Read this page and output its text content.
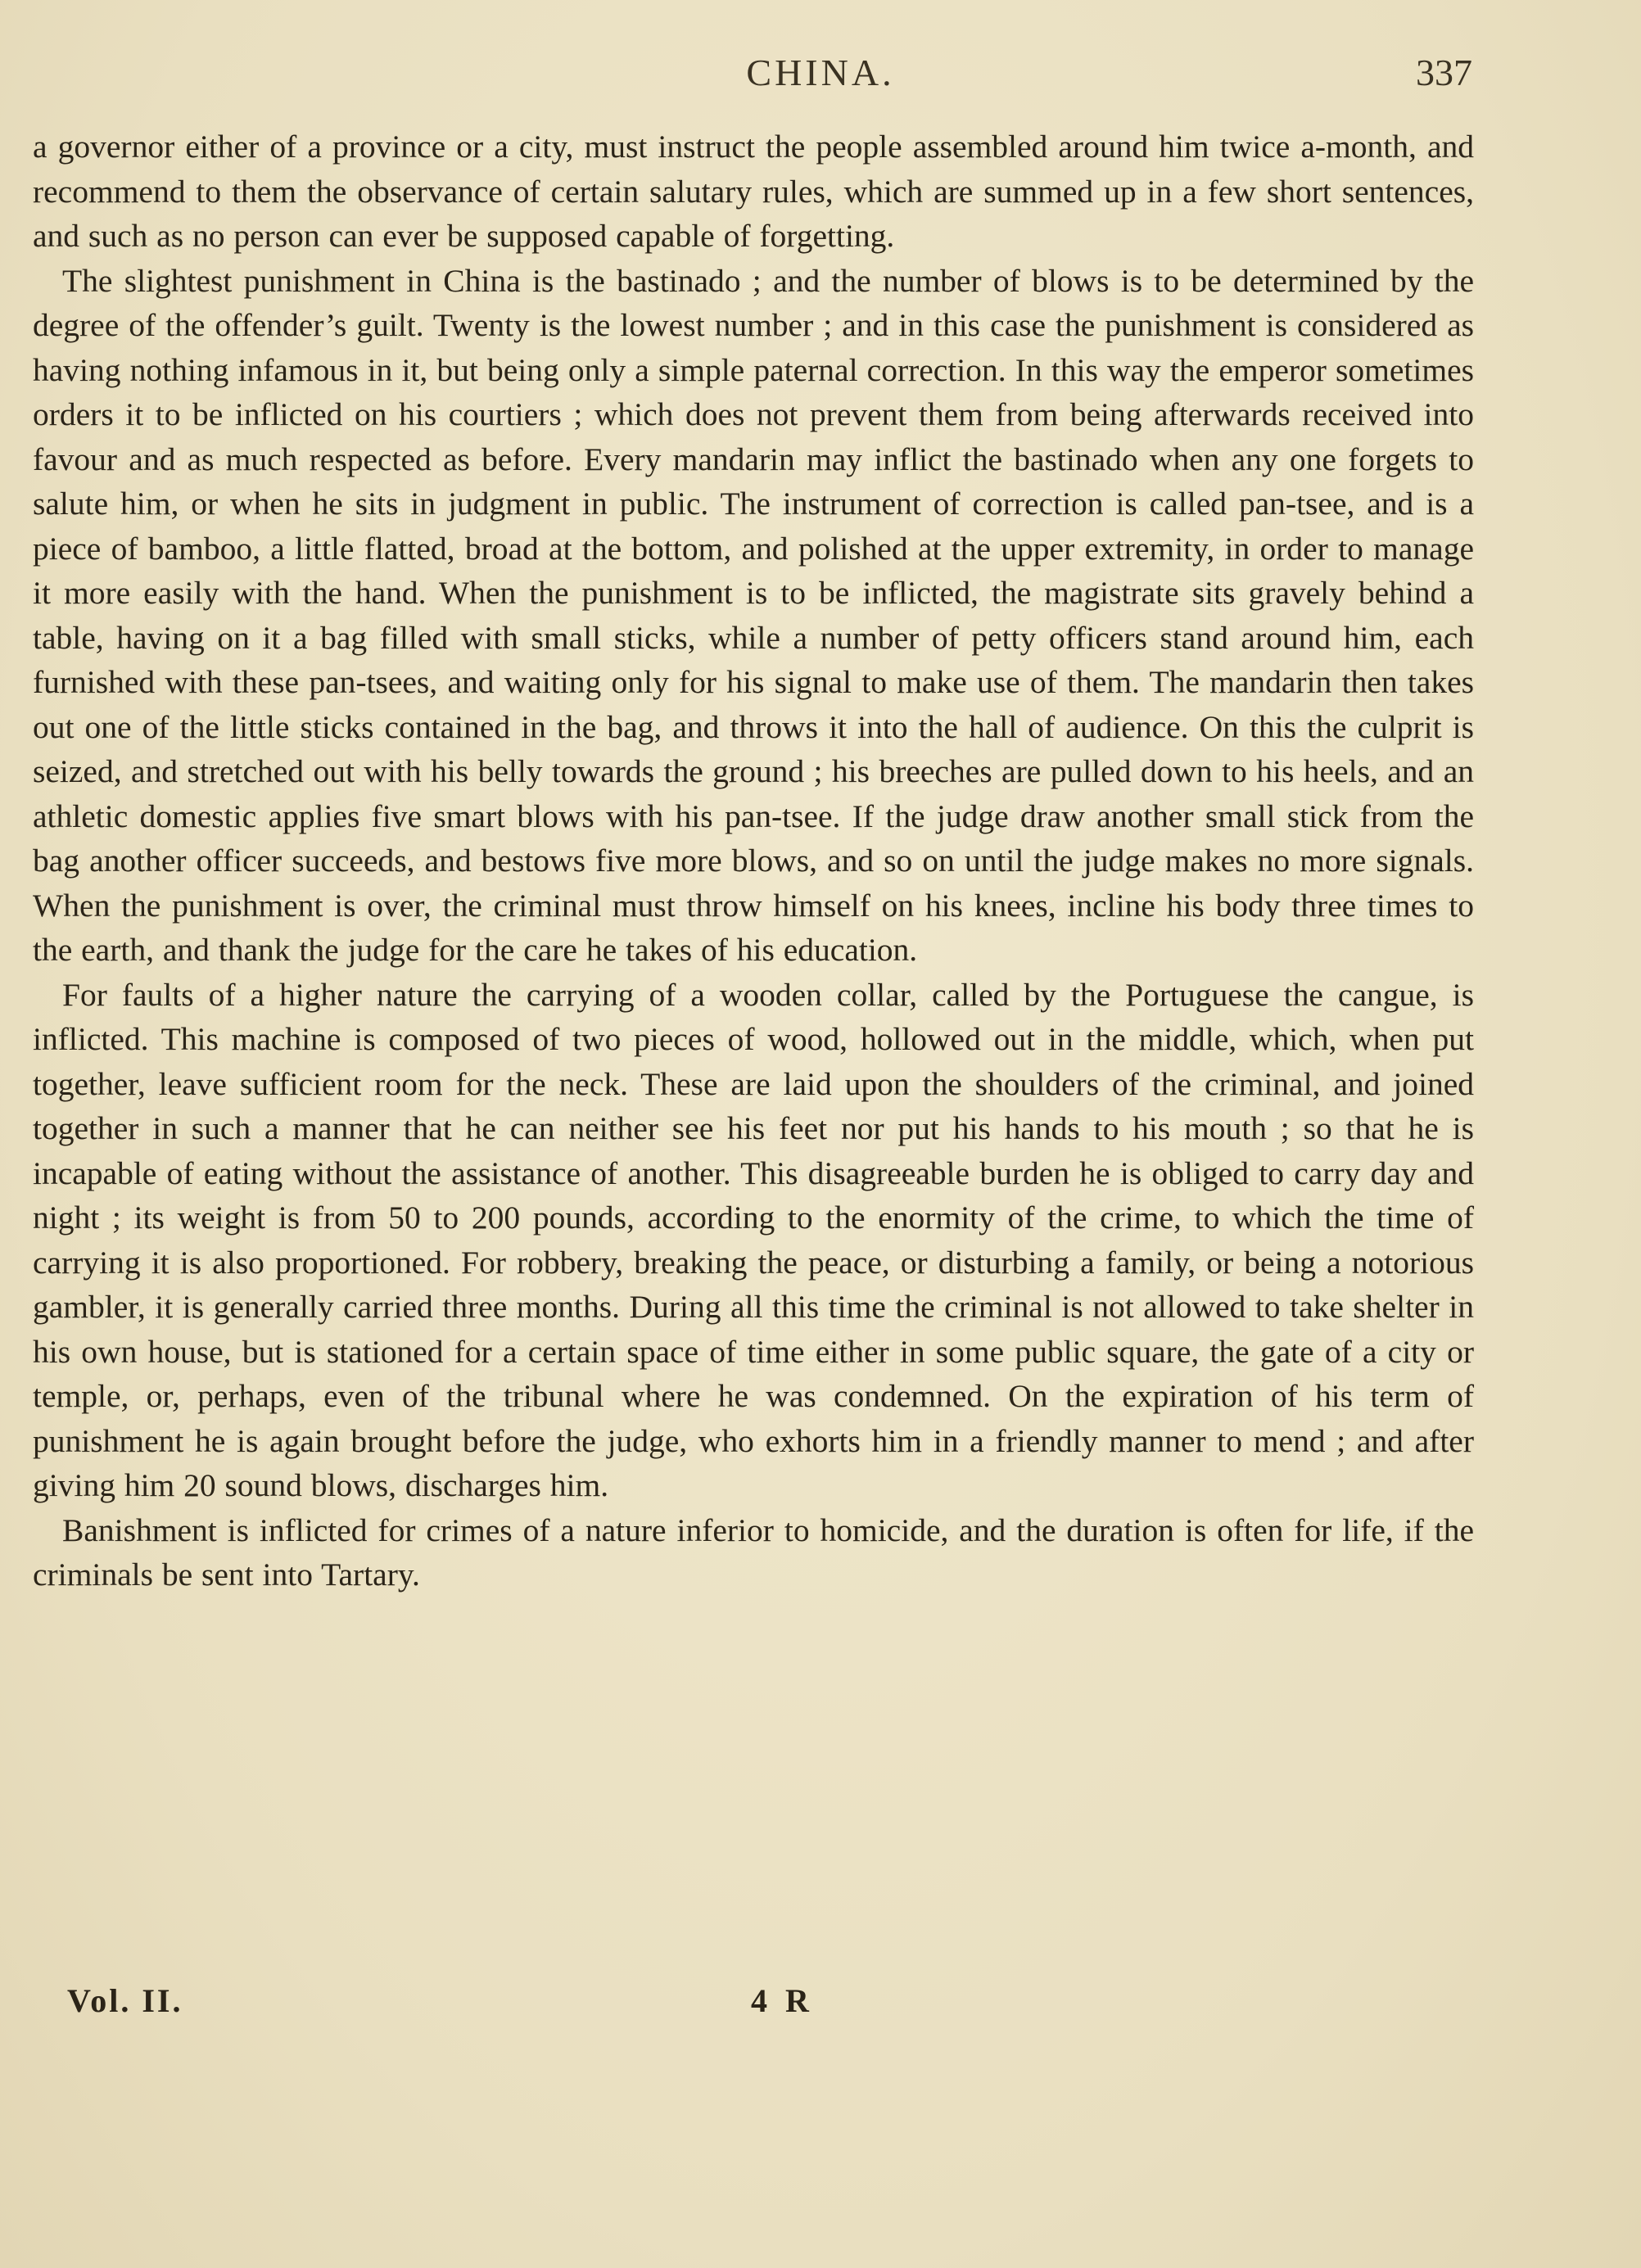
CHINA.	337

a governor either of a province or a city, must instruct the people assembled around him twice a-month, and recommend to them the observance of certain salutary rules, which are summed up in a few short sentences, and such as no person can ever be supposed capable of forgetting.

The slightest punishment in China is the bastinado ; and the number of blows is to be determined by the degree of the offender’s guilt. Twenty is the lowest number ; and in this case the punishment is considered as having nothing infamous in it, but being only a simple paternal correction. In this way the emperor sometimes orders it to be inflicted on his courtiers ; which does not prevent them from being afterwards received into favour and as much respected as before. Every mandarin may inflict the bastinado when any one forgets to salute him, or when he sits in judgment in public. The instrument of correction is called pan-tsee, and is a piece of bamboo, a little flatted, broad at the bottom, and polished at the upper extremity, in order to manage it more easily with the hand. When the punishment is to be inflicted, the magistrate sits gravely behind a table, having on it a bag filled with small sticks, while a number of petty officers stand around him, each furnished with these pan-tsees, and waiting only for his signal to make use of them. The mandarin then takes out one of the little sticks contained in the bag, and throws it into the hall of audience. On this the culprit is seized, and stretched out with his belly towards the ground ; his breeches are pulled down to his heels, and an athletic domestic applies five smart blows with his pan-tsee. If the judge draw another small stick from the bag another officer succeeds, and bestows five more blows, and so on until the judge makes no more signals. When the punishment is over, the criminal must throw himself on his knees, incline his body three times to the earth, and thank the judge for the care he takes of his education.

For faults of a higher nature the carrying of a wooden collar, called by the Portuguese the cangue, is inflicted. This machine is composed of two pieces of wood, hollowed out in the middle, which, when put together, leave sufficient room for the neck. These are laid upon the shoulders of the criminal, and joined together in such a manner that he can neither see his feet nor put his hands to his mouth ; so that he is incapable of eating without the assistance of another. This disagreeable burden he is obliged to carry day and night ; its weight is from 50 to 200 pounds, according to the enormity of the crime, to which the time of carrying it is also proportioned. For robbery, breaking the peace, or disturbing a family, or being a notorious gambler, it is generally carried three months. During all this time the criminal is not allowed to take shelter in his own house, but is stationed for a certain space of time either in some public square, the gate of a city or temple, or, perhaps, even of the tribunal where he was condemned. On the expiration of his term of punishment he is again brought before the judge, who exhorts him in a friendly manner to mend ; and after giving him 20 sound blows, discharges him.

Banishment is inflicted for crimes of a nature inferior to homicide, and the duration is often for life, if the criminals be sent into Tartary.

Vol. II.	4 R
